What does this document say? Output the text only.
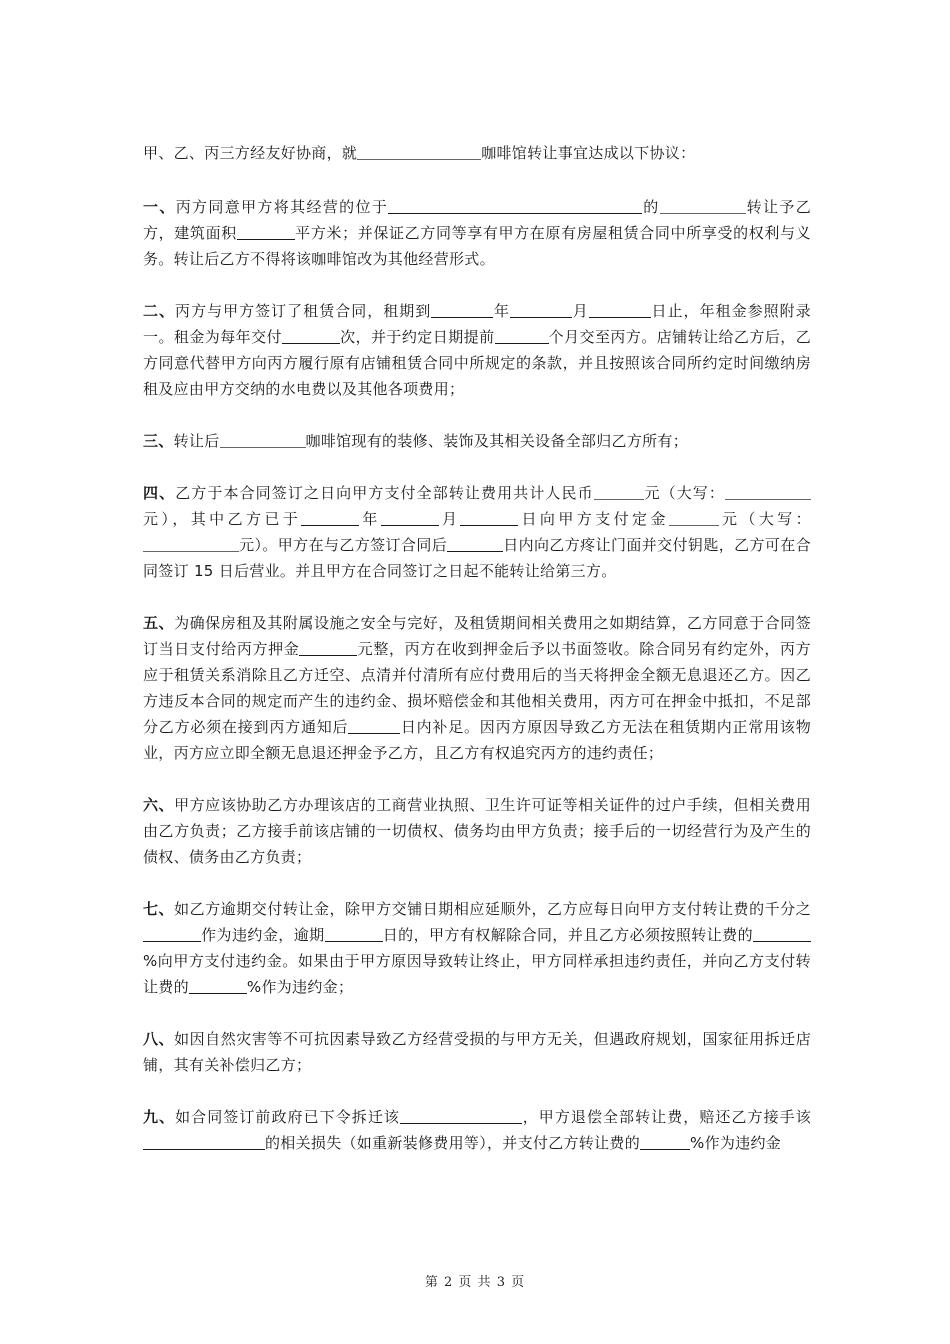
甲、乙、丙三方经友好协商，就	咖啡馆转让事宜达成以下协议：

一、丙方同意甲方将其经营的位于	的	转让予乙方，建筑面积	平方米；并保证乙方同等享有甲方在原有房屋租赁合同中所享受的权利与义务。转让后乙方不得将该咖啡馆改为其他经营形式。

二、丙方与甲方签订了租赁合同，租期到	年	月	日止，年租金参照附录一。租金为每年交付	次，并于约定日期提前	个月交至丙方。店铺转让给乙方后，乙方同意代替甲方向丙方履行原有店铺租赁合同中所规定的条款，并且按照该合同所约定时间缴纳房租及应由甲方交纳的水电费以及其他各项费用；

三、转让后	咖啡馆现有的装修、装饰及其相关设备全部归乙方所有；

四、乙方于本合同签订之日向甲方支付全部转让费用共计人民币	元（大写：元），其中乙方已于	年	月	日向甲方支付定金	元（大写：元）。甲方在与乙方签订合同后	日内向乙方疼让门面并交付钥匙，乙方可在合同签订 15 日后营业。并且甲方在合同签订之日起不能转让给第三方。

五、为确保房租及其附属设施之安全与完好，及租赁期间相关费用之如期结算，乙方同意于合同签订当日支付给丙方押金	元整，丙方在收到押金后予以书面签收。除合同另有约定外，丙方应于租赁关系消除且乙方迁空、点清并付清所有应付费用后的当天将押金全额无息退还乙方。因乙方违反本合同的规定而产生的违约金、损坏赔偿金和其他相关费用，丙方可在押金中抵扣，不足部分乙方必须在接到丙方通知后	日内补足。因丙方原因导致乙方无法在租赁期内正常用该物业，丙方应立即全额无息退还押金予乙方，且乙方有权追究丙方的违约责任；

六、甲方应该协助乙方办理该店的工商营业执照、卫生许可证等相关证件的过户手续，但相关费用由乙方负责；乙方接手前该店铺的一切债权、债务均由甲方负责；接手后的一切经营行为及产生的债权、债务由乙方负责；

七、如乙方逾期交付转让金，除甲方交铺日期相应延顺外，乙方应每日向甲方支付转让费的千分之作为违约金，逾期	日的，甲方有权解除合同，并且乙方必须按照转让费的%向甲方支付违约金。如果由于甲方原因导致转让终止，甲方同样承担违约责任，并向乙方支付转让费的	%作为违约金；

八、如因自然灾害等不可抗因素导致乙方经营受损的与甲方无关，但遇政府规划，国家征用拆迁店铺，其有关补偿归乙方；

九、如合同签订前政府已下令拆迁该	，甲方退偿全部转让费，赔还乙方接手该的相关损失（如重新装修费用等），并支付乙方转让费的	%作为违约金

第 2 页 共 3 页
